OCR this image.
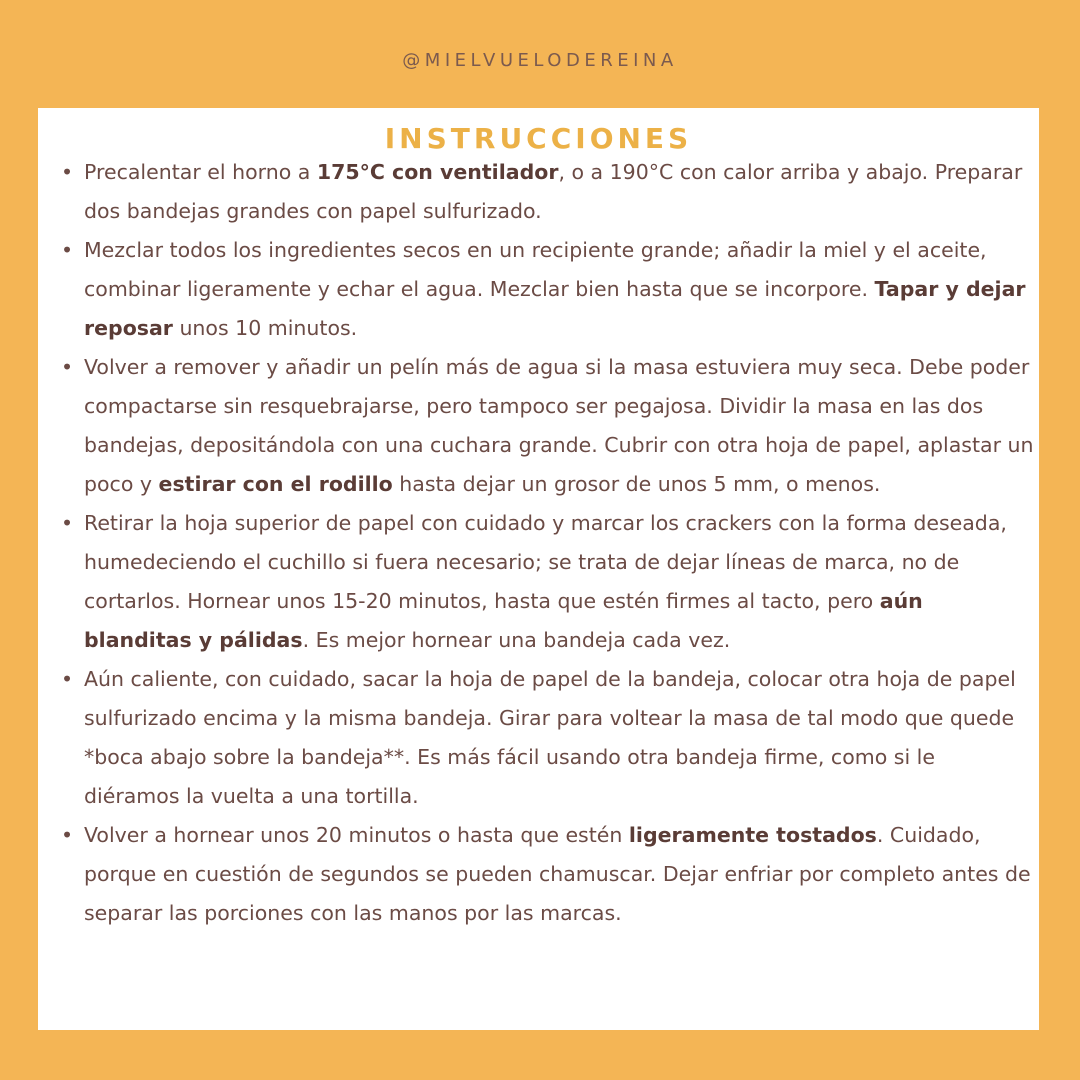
@MIELVUELODEREINA
INSTRUCCIONES
• Precalentar el horno a 175°C con ventilador, o a 190°C con calor arriba y abajo. Preparar dos bandejas grandes con papel sulfurizado.
• Mezclar todos los ingredientes secos en un recipiente grande; añadir la miel y el aceite, combinar ligeramente y echar el agua. Mezclar bien hasta que se incorpore. Tapar y dejar reposar unos 10 minutos.
• Volver a remover y añadir un pelín más de agua si la masa estuviera muy seca. Debe poder compactarse sin resquebrajarse, pero tampoco ser pegajosa. Dividir la masa en las dos bandejas, depositándola con una cuchara grande. Cubrir con otra hoja de papel, aplastar un poco y estirar con el rodillo hasta dejar un grosor de unos 5 mm, o menos.
• Retirar la hoja superior de papel con cuidado y marcar los crackers con la forma deseada, humedeciendo el cuchillo si fuera necesario; se trata de dejar líneas de marca, no de cortarlos. Hornear unos 15-20 minutos, hasta que estén firmes al tacto, pero aún blanditas y pálidas. Es mejor hornear una bandeja cada vez.
• Aún caliente, con cuidado, sacar la hoja de papel de la bandeja, colocar otra hoja de papel sulfurizado encima y la misma bandeja. Girar para voltear la masa de tal modo que quede *boca abajo sobre la bandeja**. Es más fácil usando otra bandeja firme, como si le diéramos la vuelta a una tortilla.
• Volver a hornear unos 20 minutos o hasta que estén ligeramente tostados. Cuidado, porque en cuestión de segundos se pueden chamuscar. Dejar enfriar por completo antes de separar las porciones con las manos por las marcas.
